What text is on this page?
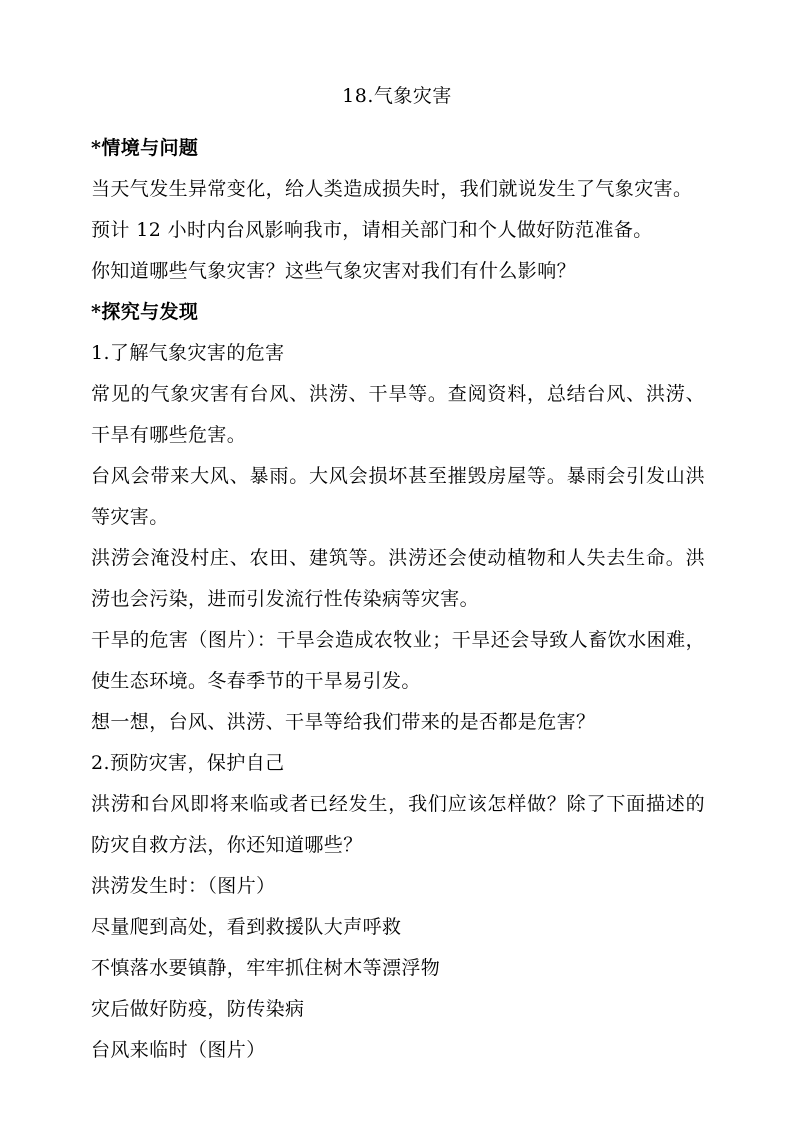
18.气象灾害

*情境与问题

当天气发生异常变化，给人类造成损失时，我们就说发生了气象灾害。

预计 12 小时内台风影响我市，请相关部门和个人做好防范准备。

你知道哪些气象灾害？这些气象灾害对我们有什么影响？

*探究与发现

1.了解气象灾害的危害

常见的气象灾害有台风、洪涝、干旱等。查阅资料，总结台风、洪涝、干旱有哪些危害。

台风会带来大风、暴雨。大风会损坏甚至摧毁房屋等。暴雨会引发山洪等灾害。

洪涝会淹没村庄、农田、建筑等。洪涝还会使动植物和人失去生命。洪涝也会污染，进而引发流行性传染病等灾害。

干旱的危害（图片）：干旱会造成农牧业；干旱还会导致人畜饮水困难，使生态环境。冬春季节的干旱易引发。

想一想，台风、洪涝、干旱等给我们带来的是否都是危害？

2.预防灾害，保护自己

洪涝和台风即将来临或者已经发生，我们应该怎样做？除了下面描述的防灾自救方法，你还知道哪些？

洪涝发生时：（图片）

尽量爬到高处，看到救援队大声呼救

不慎落水要镇静，牢牢抓住树木等漂浮物

灾后做好防疫，防传染病

台风来临时（图片）
